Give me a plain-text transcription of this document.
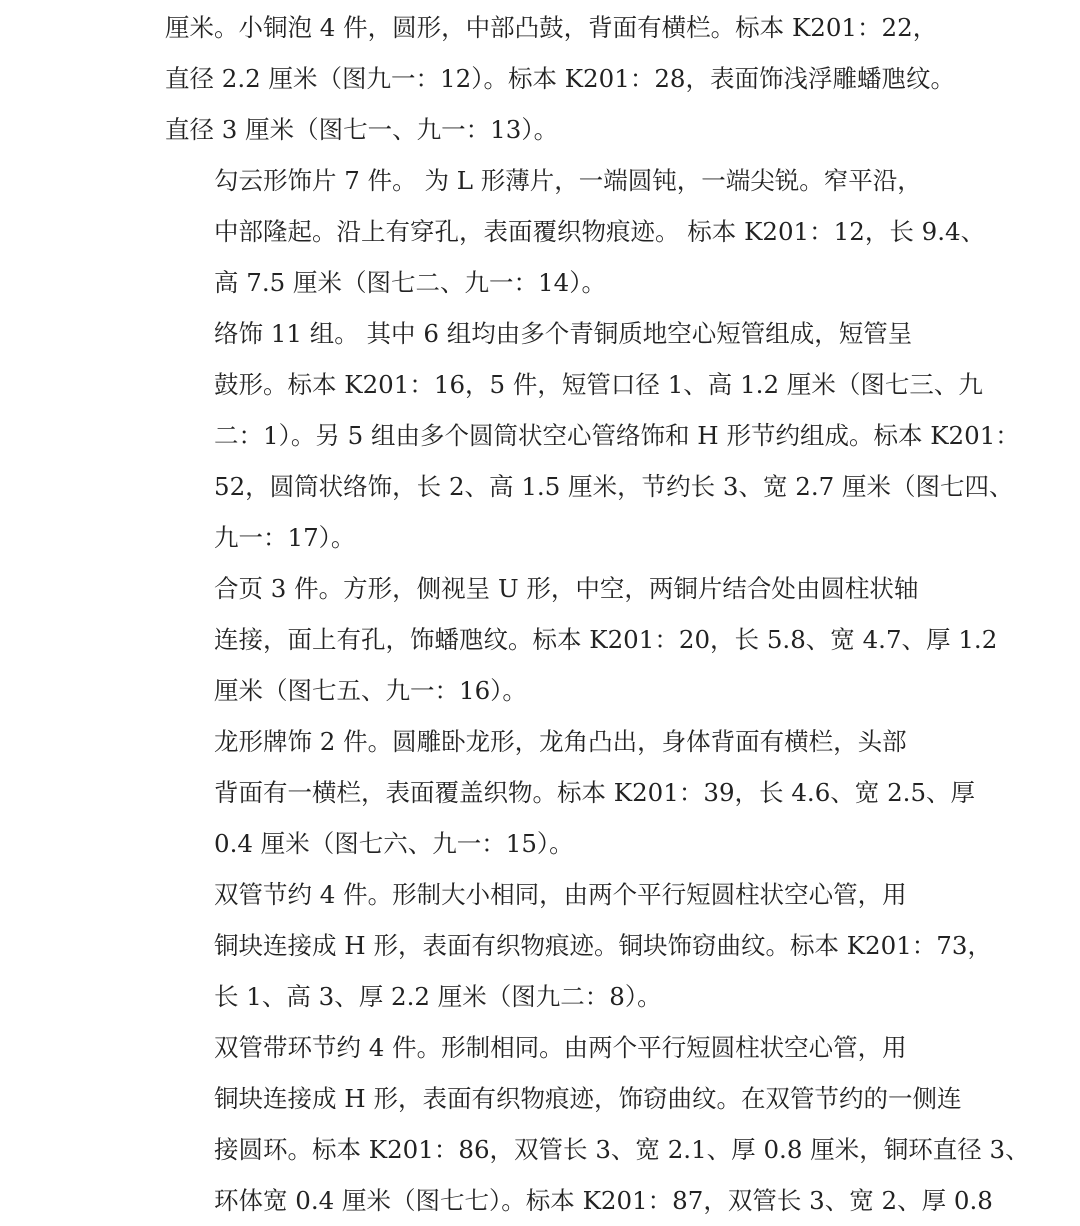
厘米。小铜泡 4 件，圆形，中部凸鼓，背面有横栏。标本 K201：22，
直径 2.2 厘米（图九一：12）。标本 K201：28，表面饰浅浮雕蟠虺纹。
直径 3 厘米（图七一、九一：13）。

勾云形饰片 7 件。 为 L 形薄片，一端圆钝，一端尖锐。窄平沿，
中部隆起。沿上有穿孔，表面覆织物痕迹。 标本 K201：12，长 9.4、
高 7.5 厘米（图七二、九一：14）。

络饰 11 组。 其中 6 组均由多个青铜质地空心短管组成，短管呈
鼓形。标本 K201：16，5 件，短管口径 1、高 1.2 厘米（图七三、九
二：1）。另 5 组由多个圆筒状空心管络饰和 H 形节约组成。标本 K201：
52，圆筒状络饰，长 2、高 1.5 厘米，节约长 3、宽 2.7 厘米（图七四、
九一：17）。

合页 3 件。方形，侧视呈 U 形，中空，两铜片结合处由圆柱状轴
连接，面上有孔，饰蟠虺纹。标本 K201：20，长 5.8、宽 4.7、厚 1.2
厘米（图七五、九一：16）。

龙形牌饰 2 件。圆雕卧龙形，龙角凸出，身体背面有横栏，头部
背面有一横栏，表面覆盖织物。标本 K201：39，长 4.6、宽 2.5、厚
0.4 厘米（图七六、九一：15）。

双管节约 4 件。形制大小相同，由两个平行短圆柱状空心管，用
铜块连接成 H 形，表面有织物痕迹。铜块饰窃曲纹。标本 K201：73，
长 1、高 3、厚 2.2 厘米（图九二：8）。

双管带环节约 4 件。形制相同。由两个平行短圆柱状空心管，用
铜块连接成 H 形，表面有织物痕迹，饰窃曲纹。在双管节约的一侧连
接圆环。标本 K201：86，双管长 3、宽 2.1、厚 0.8 厘米，铜环直径 3、
环体宽 0.4 厘米（图七七）。标本 K201：87，双管长 3、宽 2、厚 0.8
